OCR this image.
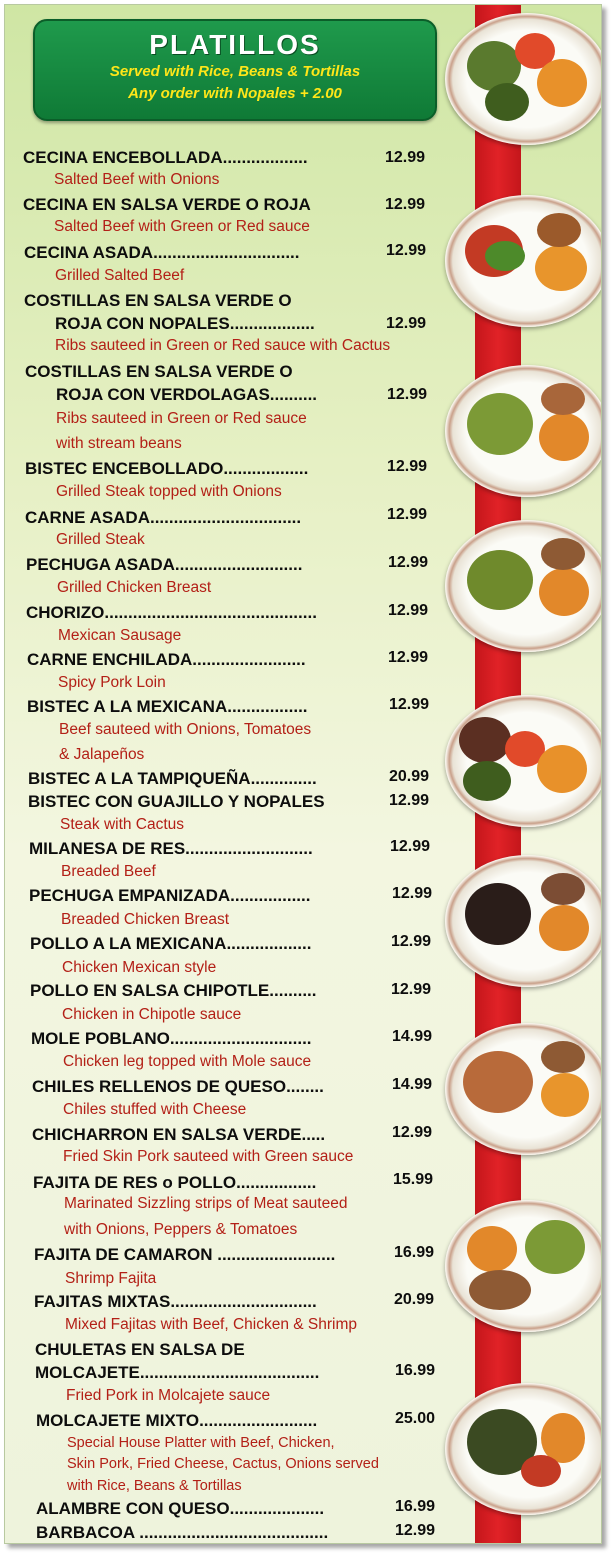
PLATILLOS
Served with Rice, Beans & Tortillas
Any order with Nopales + 2.00
CECINA ENCEBOLLADA..................	12.99
Salted Beef with Onions
CECINA EN SALSA VERDE O ROJA	12.99
Salted Beef with Green or Red sauce
CECINA ASADA...............................	12.99
Grilled Salted Beef
COSTILLAS EN SALSA VERDE O
ROJA CON NOPALES..................	12.99
Ribs sauteed in Green or Red sauce with Cactus
COSTILLAS EN SALSA VERDE O
ROJA CON VERDOLAGAS..........	12.99
Ribs sauteed in Green or Red sauce
with stream beans
BISTEC ENCEBOLLADO..................	12.99
Grilled Steak topped with Onions
CARNE ASADA................................	12.99
Grilled Steak
PECHUGA ASADA...........................	12.99
Grilled Chicken Breast
CHORIZO.............................................	12.99
Mexican Sausage
CARNE ENCHILADA........................	12.99
Spicy Pork Loin
BISTEC A LA MEXICANA.................	12.99
Beef sauteed with Onions, Tomatoes
& Jalapeños
BISTEC A LA TAMPIQUEÑA..............	20.99
BISTEC CON GUAJILLO Y NOPALES	12.99
Steak with Cactus
MILANESA DE RES...........................	12.99
Breaded Beef
PECHUGA EMPANIZADA.................	12.99
Breaded Chicken Breast
POLLO A LA MEXICANA..................	12.99
Chicken Mexican style
POLLO EN SALSA CHIPOTLE..........	12.99
Chicken in Chipotle sauce
MOLE POBLANO..............................	14.99
Chicken leg topped with Mole sauce
CHILES RELLENOS DE QUESO........	14.99
Chiles stuffed with Cheese
CHICHARRON EN SALSA VERDE.....	12.99
Fried Skin Pork sauteed with Green sauce
FAJITA DE RES o POLLO.................	15.99
Marinated Sizzling strips of Meat sauteed
with Onions, Peppers & Tomatoes
FAJITA DE CAMARON .........................	16.99
Shrimp Fajita
FAJITAS MIXTAS...............................	20.99
Mixed Fajitas with Beef, Chicken & Shrimp
CHULETAS EN SALSA DE
MOLCAJETE......................................	16.99
Fried Pork in Molcajete sauce
MOLCAJETE MIXTO.........................	25.00
Special House Platter with Beef, Chicken,
Skin Pork, Fried Cheese, Cactus, Onions served
with Rice, Beans & Tortillas
ALAMBRE CON QUESO....................	16.99
BARBACOA ........................................	12.99
